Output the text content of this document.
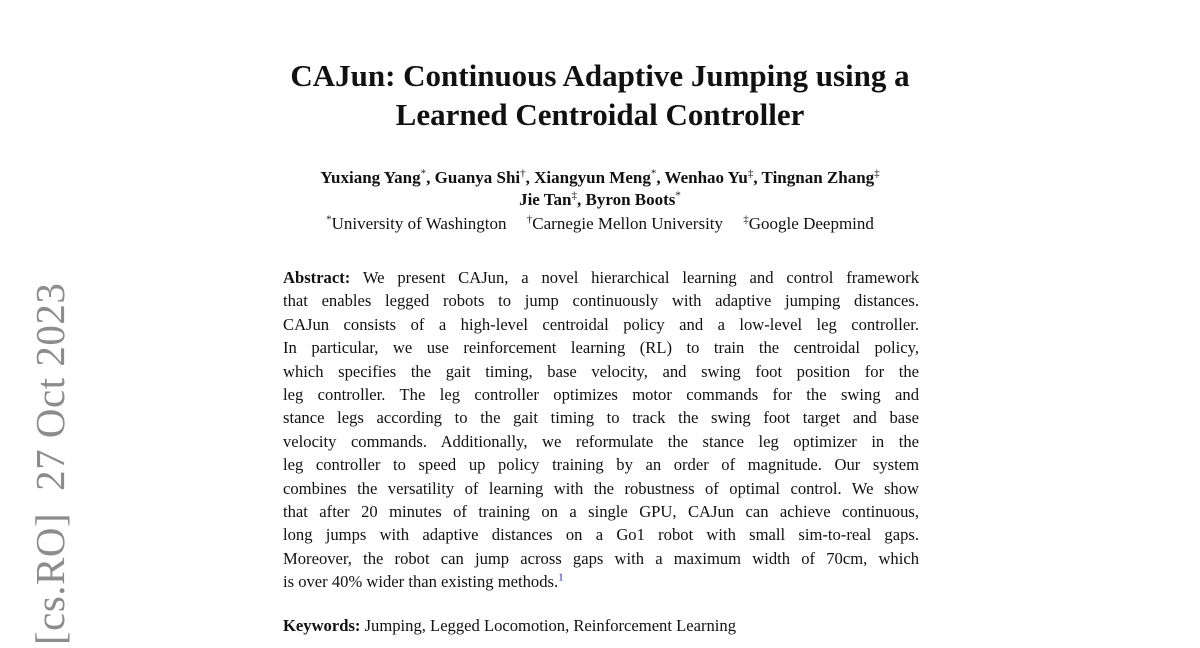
[cs.RO]27 Oct 2023
CAJun: Continuous Adaptive Jumping using a
Learned Centroidal Controller
Yuxiang Yang*, Guanya Shi†, Xiangyun Meng*, Wenhao Yu‡, Tingnan Zhang‡
Jie Tan‡, Byron Boots*
*University of Washington †Carnegie Mellon University ‡Google Deepmind
Abstract: We present CAJun, a novel hierarchical learning and control framework
that enables legged robots to jump continuously with adaptive jumping distances.
CAJun consists of a high-level centroidal policy and a low-level leg controller.
In particular, we use reinforcement learning (RL) to train the centroidal policy,
which specifies the gait timing, base velocity, and swing foot position for the
leg controller. The leg controller optimizes motor commands for the swing and
stance legs according to the gait timing to track the swing foot target and base
velocity commands. Additionally, we reformulate the stance leg optimizer in the
leg controller to speed up policy training by an order of magnitude. Our system
combines the versatility of learning with the robustness of optimal control. We show
that after 20 minutes of training on a single GPU, CAJun can achieve continuous,
long jumps with adaptive distances on a Go1 robot with small sim-to-real gaps.
Moreover, the robot can jump across gaps with a maximum width of 70cm, which
is over 40% wider than existing methods.$^1$
Keywords: Jumping, Legged Locomotion, Reinforcement Learning
